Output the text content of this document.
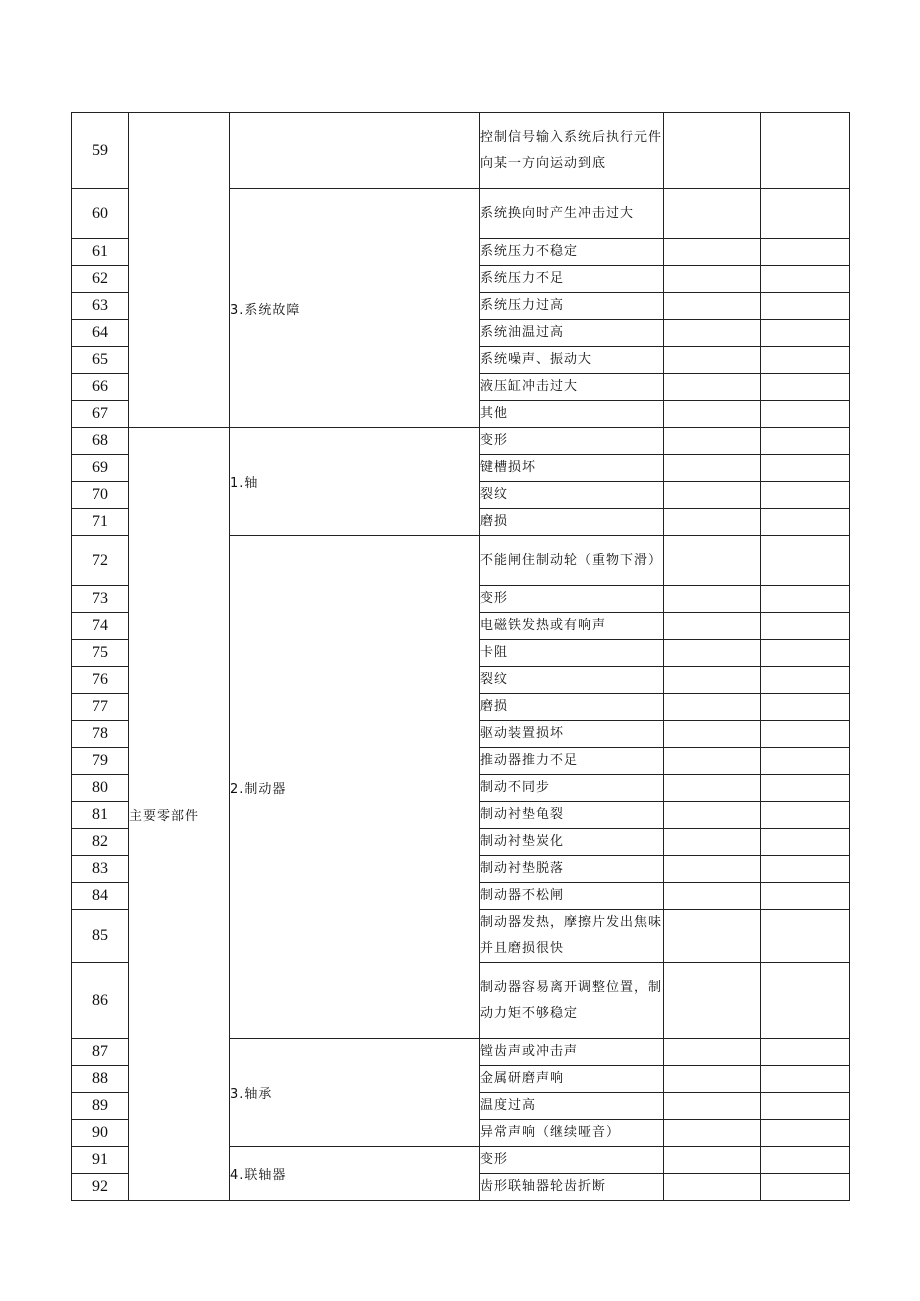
59			控制信号输入系统后执行元件向某一方向运动到底		
60		3.系统故障	系统换向时产生冲击过大		
61			系统压力不稳定		
62			系统压力不足		
63			系统压力过高		
64			系统油温过高		
65			系统噪声、振动大		
66			液压缸冲击过大		
67			其他		
68	主要零部件	1.轴	变形		
69			键槽损坏		
70			裂纹		
71			磨损		
72		2.制动器	不能闸住制动轮（重物下滑）		
73			变形		
74			电磁铁发热或有响声		
75			卡阻		
76			裂纹		
77			磨损		
78			驱动装置损坏		
79			推动器推力不足		
80			制动不同步		
81			制动衬垫龟裂		
82			制动衬垫炭化		
83			制动衬垫脱落		
84			制动器不松闸		
85			制动器发热，摩擦片发出焦味并且磨损很快		
86			制动器容易离开调整位置，制动力矩不够稳定		
87		3.轴承	镗齿声或冲击声		
88			金属研磨声响		
89			温度过高		
90			异常声响（继续哑音）		
91		4.联轴器	变形		
92			齿形联轴器轮齿折断		
